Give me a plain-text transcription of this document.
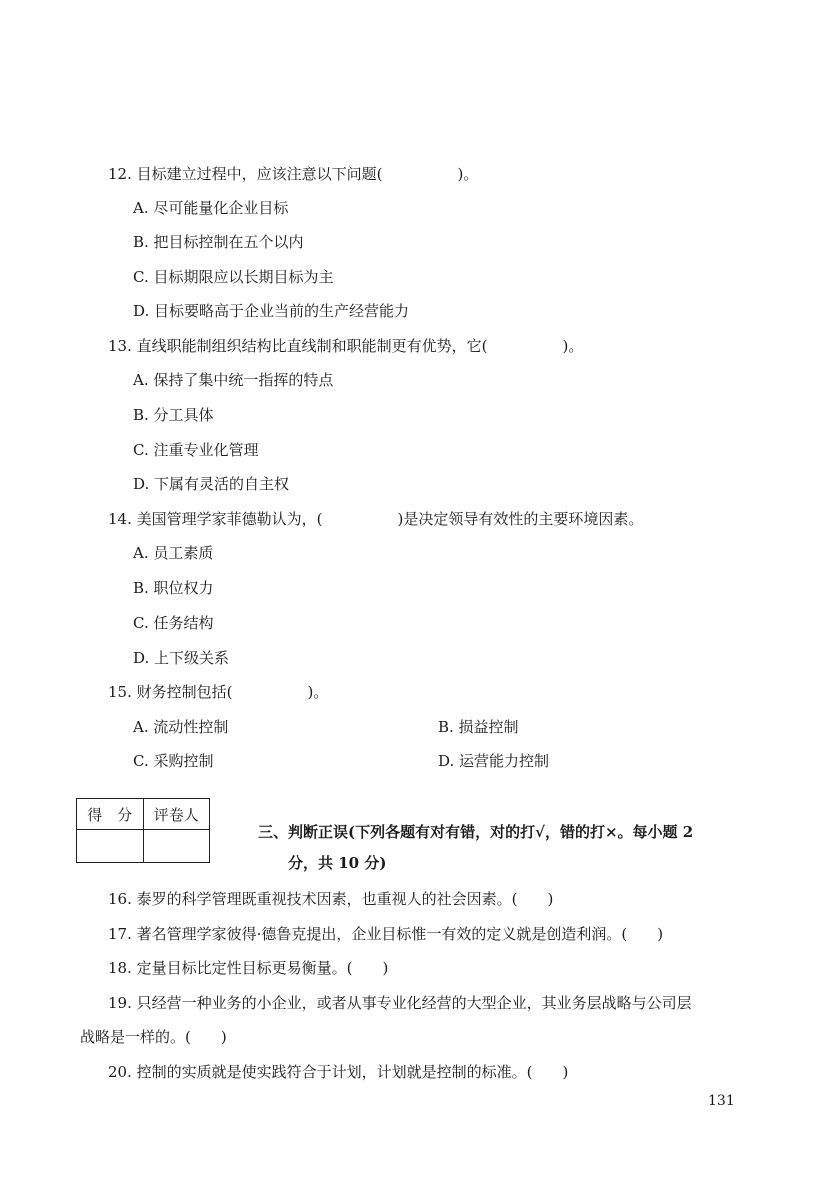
12. 目标建立过程中，应该注意以下问题(　　　　　)。
A. 尽可能量化企业目标
B. 把目标控制在五个以内
C. 目标期限应以长期目标为主
D. 目标要略高于企业当前的生产经营能力
13. 直线职能制组织结构比直线制和职能制更有优势，它(　　　　　)。
A. 保持了集中统一指挥的特点
B. 分工具体
C. 注重专业化管理
D. 下属有灵活的自主权
14. 美国管理学家菲德勒认为，(　　　　　)是决定领导有效性的主要环境因素。
A. 员工素质
B. 职位权力
C. 任务结构
D. 上下级关系
15. 财务控制包括(　　　　　)。
A. 流动性控制	B. 损益控制
C. 采购控制	D. 运营能力控制
得　分	评卷人

三、判断正误(下列各题有对有错，对的打√，错的打×。每小题 2
分，共 10 分)
16. 泰罗的科学管理既重视技术因素，也重视人的社会因素。(　　)
17. 著名管理学家彼得·德鲁克提出，企业目标惟一有效的定义就是创造利润。(　　)
18. 定量目标比定性目标更易衡量。(　　)
19. 只经营一种业务的小企业，或者从事专业化经营的大型企业，其业务层战略与公司层
战略是一样的。(　　)
20. 控制的实质就是使实践符合于计划，计划就是控制的标准。(　　)
131
